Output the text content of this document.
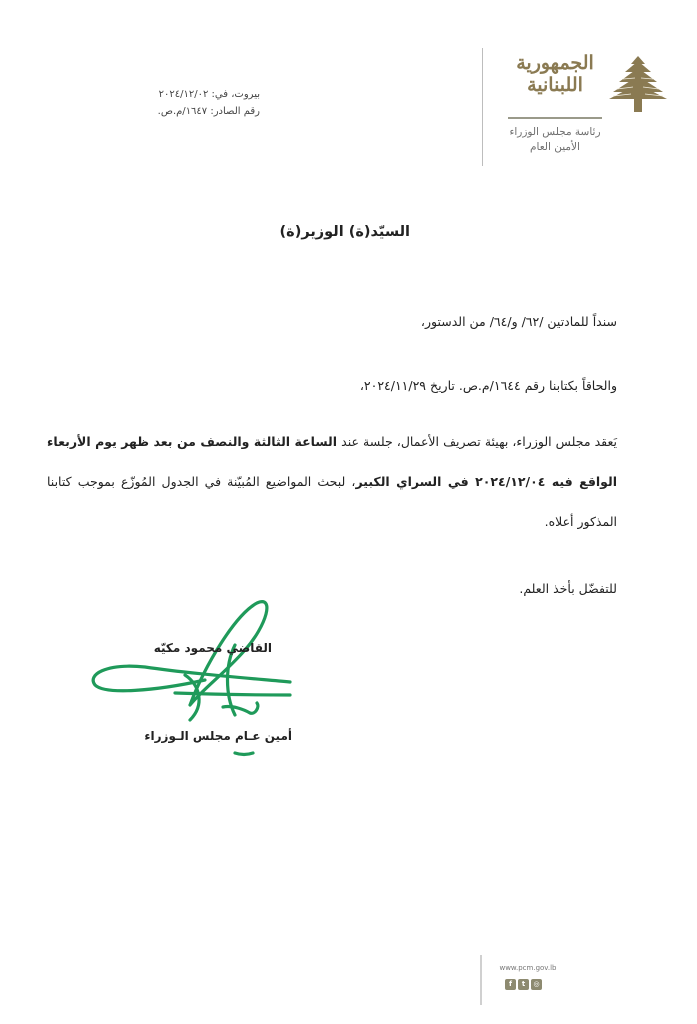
الجمهورية
اللبنانية
رئاسة مجلس الوزراء
الأمين العام
بيروت، في: ٢٠٢٤/١٢/٠٢
رقم الصادر: ١٦٤٧/م.ص.
السيّد(ة) الوزير(ة)
سنداً للمادتين /٦٢/ و/٦٤/ من الدستور،
والحاقاً بكتابنا رقم ١٦٤٤/م.ص. تاريخ ٢٠٢٤/١١/٢٩،
يَعقد مجلس الوزراء، بهيئة تصريف الأعمال، جلسة عند الساعة الثالثة والنصف من بعد ظهر يوم الأربعاء الواقع فيه ٢٠٢٤/١٢/٠٤ في السراي الكبير، لبحث المواضيع المُبيّنة في الجدول المُوزّع بموجب كتابنا المذكور أعلاه.
للتفضّل بأخذ العلم.
القاضي محمود مكيّه
أمين عـام مجلس الـوزراء
www.pcm.gov.lb
f	t	◎
